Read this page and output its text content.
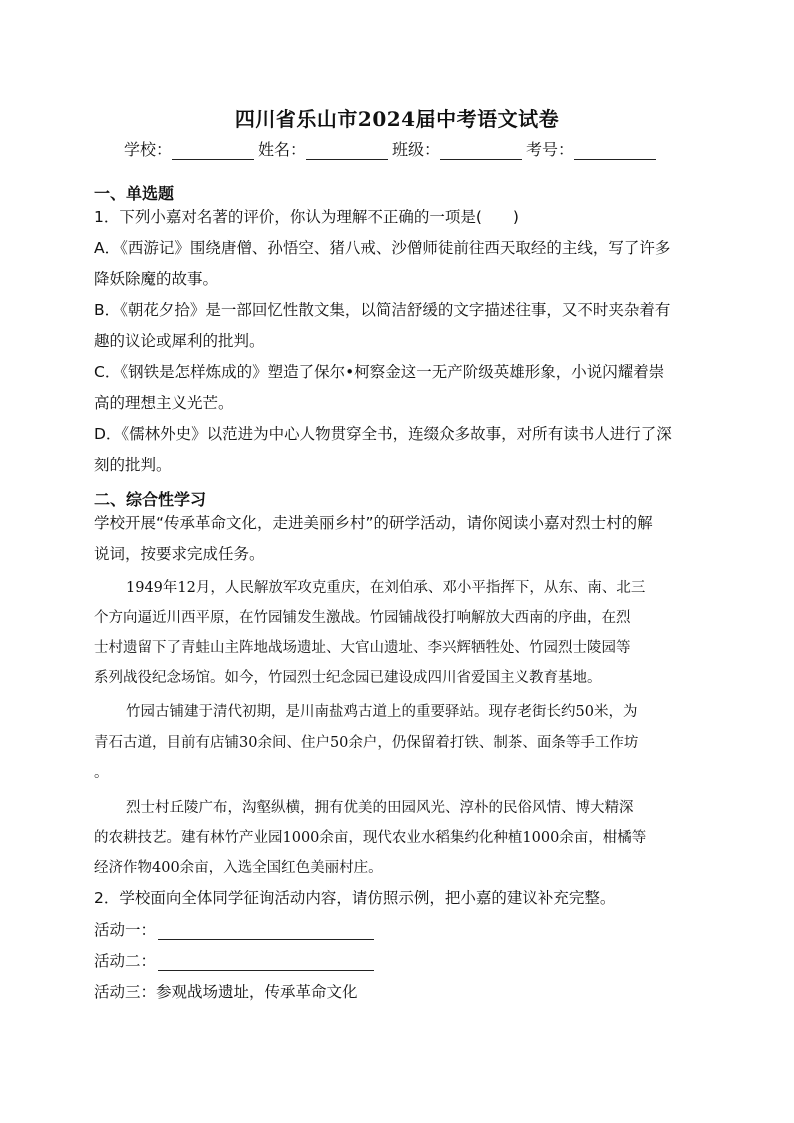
四川省乐山市2024届中考语文试卷
学校：	姓名：	班级：	考号：
一、单选题
1．下列小嘉对名著的评价，你认为理解不正确的一项是(　　)
A．《西游记》围绕唐僧、孙悟空、猪八戒、沙僧师徒前往西天取经的主线，写了许多
降妖除魔的故事。
B．《朝花夕拾》是一部回忆性散文集，以简洁舒缓的文字描述往事，又不时夹杂着有
趣的议论或犀利的批判。
C．《钢铁是怎样炼成的》塑造了保尔•柯察金这一无产阶级英雄形象，小说闪耀着崇
高的理想主义光芒。
D．《儒林外史》以范进为中心人物贯穿全书，连缀众多故事，对所有读书人进行了深
刻的批判。
二、综合性学习
学校开展“传承革命文化，走进美丽乡村”的研学活动，请你阅读小嘉对烈士村的解
说词，按要求完成任务。
1949年12月，人民解放军攻克重庆，在刘伯承、邓小平指挥下，从东、南、北三
个方向逼近川西平原，在竹园铺发生激战。竹园铺战役打响解放大西南的序曲，在烈
士村遗留下了青蛙山主阵地战场遗址、大官山遗址、李兴辉牺牲处、竹园烈士陵园等
系列战役纪念场馆。如今，竹园烈士纪念园已建设成四川省爱国主义教育基地。
竹园古铺建于清代初期，是川南盐鸡古道上的重要驿站。现存老街长约50米，为
青石古道，目前有店铺30余间、住户50余户，仍保留着打铁、制茶、面条等手工作坊
。
烈士村丘陵广布，沟壑纵横，拥有优美的田园风光、淳朴的民俗风情、博大精深
的农耕技艺。建有林竹产业园1000余亩，现代农业水稻集约化种植1000余亩，柑橘等
经济作物400余亩，入选全国红色美丽村庄。
2．学校面向全体同学征询活动内容，请仿照示例，把小嘉的建议补充完整。
活动一：
活动二：
活动三：参观战场遗址，传承革命文化
